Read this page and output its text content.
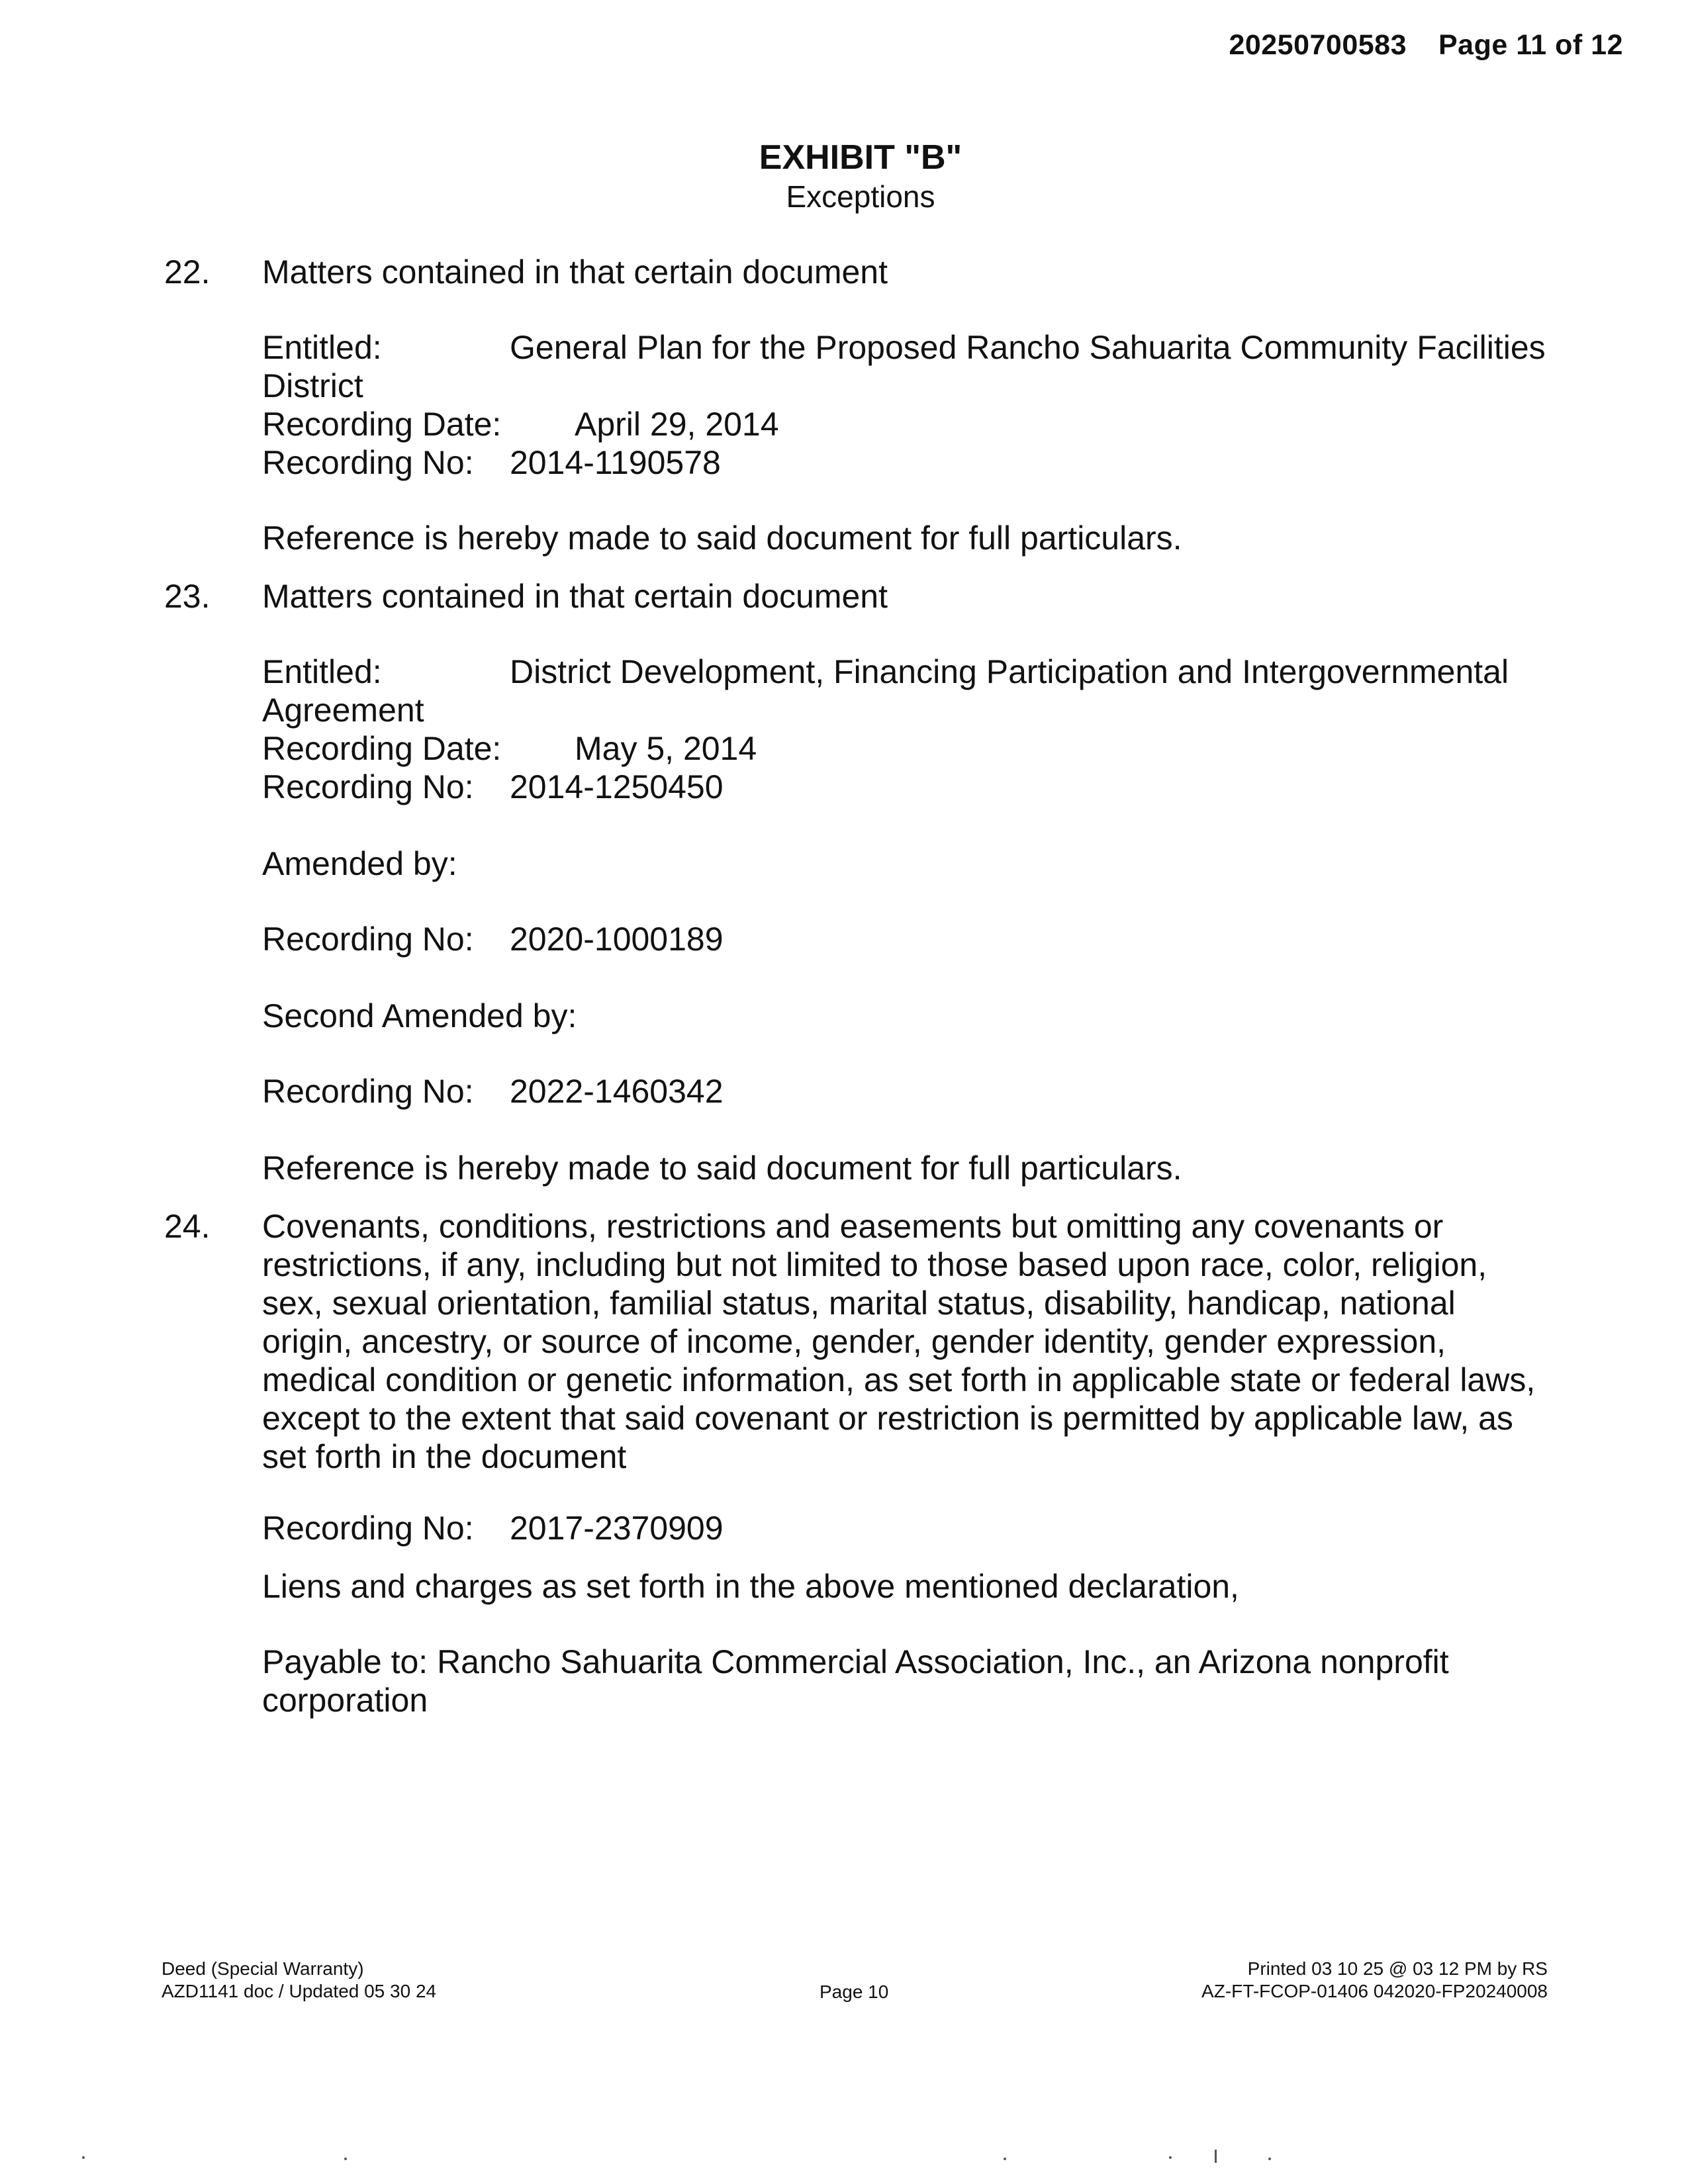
20250700583 Page 11 of 12
EXHIBIT "B"
Exceptions
22. Matters contained in that certain document
Entitled:	General Plan for the Proposed Rancho Sahuarita Community Facilities
District
Recording Date: April 29, 2014
Recording No: 2014-1190578
Reference is hereby made to said document for full particulars.
23. Matters contained in that certain document
Entitled:	District Development, Financing Participation and Intergovernmental
Agreement
Recording Date: May 5, 2014
Recording No: 2014-1250450
Amended by:
Recording No: 2020-1000189
Second Amended by:
Recording No: 2022-1460342
Reference is hereby made to said document for full particulars.
24. Covenants, conditions, restrictions and easements but omitting any covenants or
restrictions, if any, including but not limited to those based upon race, color, religion,
sex, sexual orientation, familial status, marital status, disability, handicap, national
origin, ancestry, or source of income, gender, gender identity, gender expression,
medical condition or genetic information, as set forth in applicable state or federal laws,
except to the extent that said covenant or restriction is permitted by applicable law, as
set forth in the document
Recording No: 2017-2370909
Liens and charges as set forth in the above mentioned declaration,
Payable to: Rancho Sahuarita Commercial Association, Inc., an Arizona nonprofit
corporation
Deed (Special Warranty)
AZD1141 doc / Updated 05 30 24	Page 10
Printed 03 10 25 @ 03 12 PM by RS
AZ-FT-FCOP-01406 042020-FP20240008
